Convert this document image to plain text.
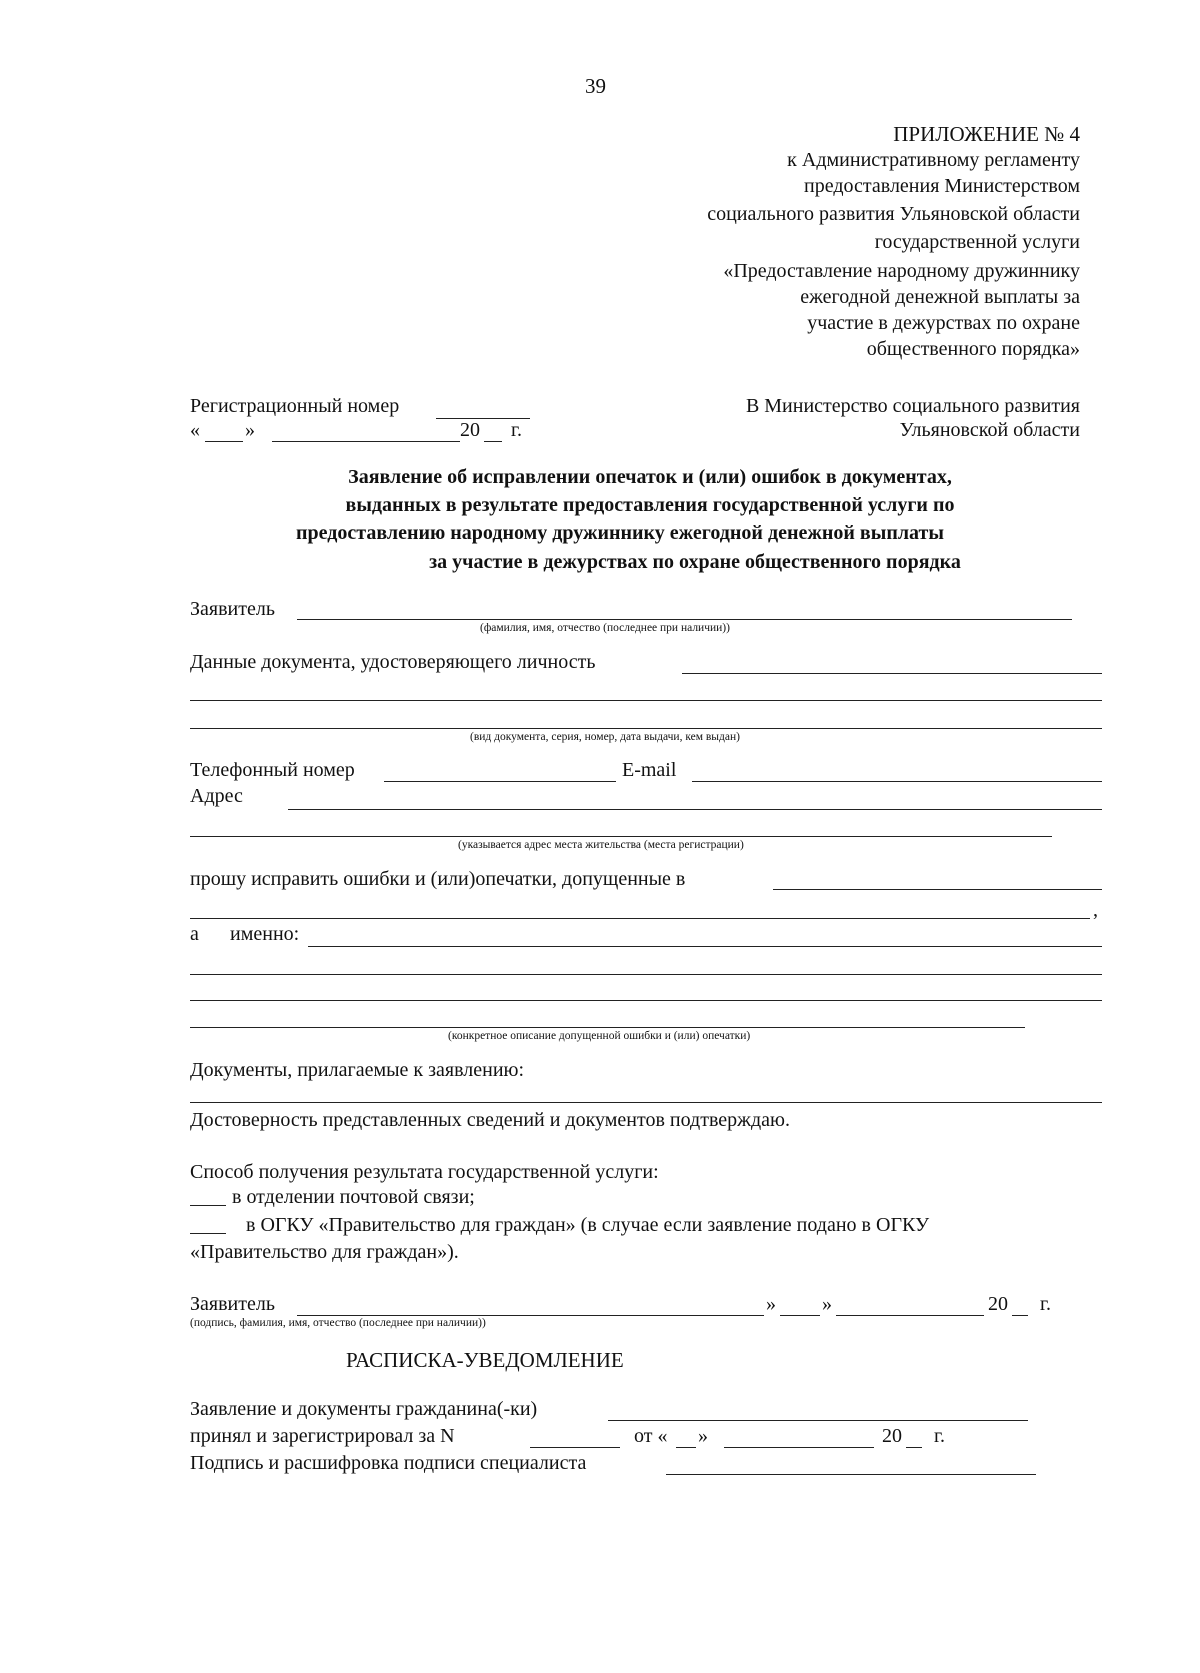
39
ПРИЛОЖЕНИЕ № 4
к Административному регламенту
предоставления Министерством
социального развития Ульяновской области
государственной услуги
«Предоставление народному дружиннику
ежегодной денежной выплаты за
участие в дежурствах по охране
общественного порядка»
Регистрационный номер
« »	20 г.
В Министерство социального развития
Ульяновской области
Заявление об исправлении опечаток и (или) ошибок в документах,
выданных в результате предоставления государственной услуги по
предоставлению народному дружиннику ежегодной денежной выплаты
за участие в дежурствах по охране общественного порядка
Заявитель
(фамилия, имя, отчество (последнее при наличии))
Данные документа, удостоверяющего личность
(вид документа, серия, номер, дата выдачи, кем выдан)
Телефонный номер	E-mail
Адрес
(указывается адрес места жительства (места регистрации)
прошу исправить ошибки и (или)опечатки, допущенные в
,
а именно:
(конкретное описание допущенной ошибки и (или) опечатки)
Документы, прилагаемые к заявлению:
Достоверность представленных сведений и документов подтверждаю.
Способ получения результата государственной услуги:
в отделении почтовой связи;
в ОГКУ «Правительство для граждан» (в случае если заявление подано в ОГКУ
«Правительство для граждан»).
Заявитель	» »	20 г.
(подпись, фамилия, имя, отчество (последнее при наличии))
РАСПИСКА-УВЕДОМЛЕНИЕ
Заявление и документы гражданина(-ки)
принял и зарегистрировал за N	от « »	20 г.
Подпись и расшифровка подписи специалиста
